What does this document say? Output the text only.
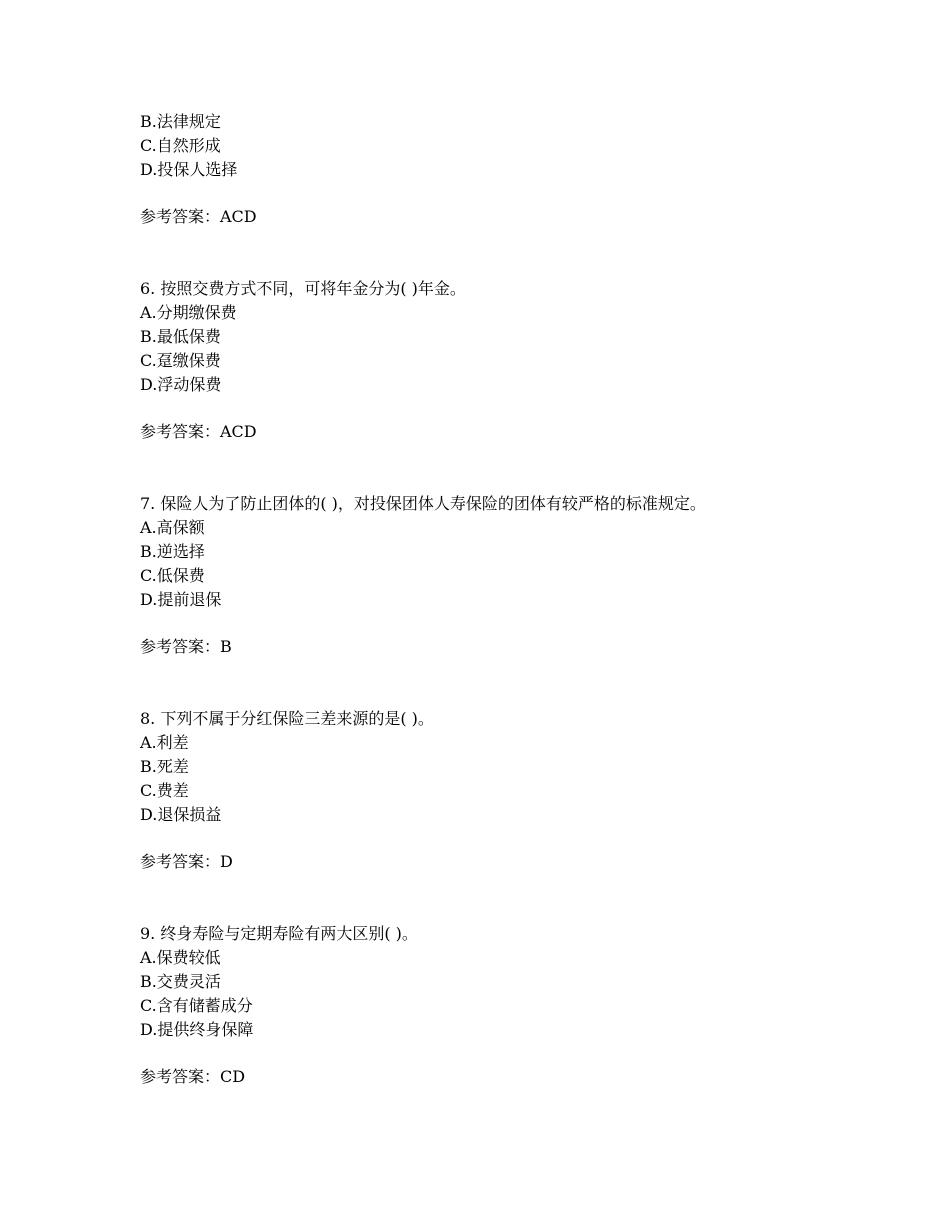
B.法律规定
C.自然形成
D.投保人选择
参考答案：ACD
6. 按照交费方式不同，可将年金分为( )年金。
A.分期缴保费
B.最低保费
C.趸缴保费
D.浮动保费
参考答案：ACD
7. 保险人为了防止团体的( )，对投保团体人寿保险的团体有较严格的标准规定。
A.高保额
B.逆选择
C.低保费
D.提前退保
参考答案：B
8. 下列不属于分红保险三差来源的是( )。
A.利差
B.死差
C.费差
D.退保损益
参考答案：D
9. 终身寿险与定期寿险有两大区别( )。
A.保费较低
B.交费灵活
C.含有储蓄成分
D.提供终身保障
参考答案：CD
